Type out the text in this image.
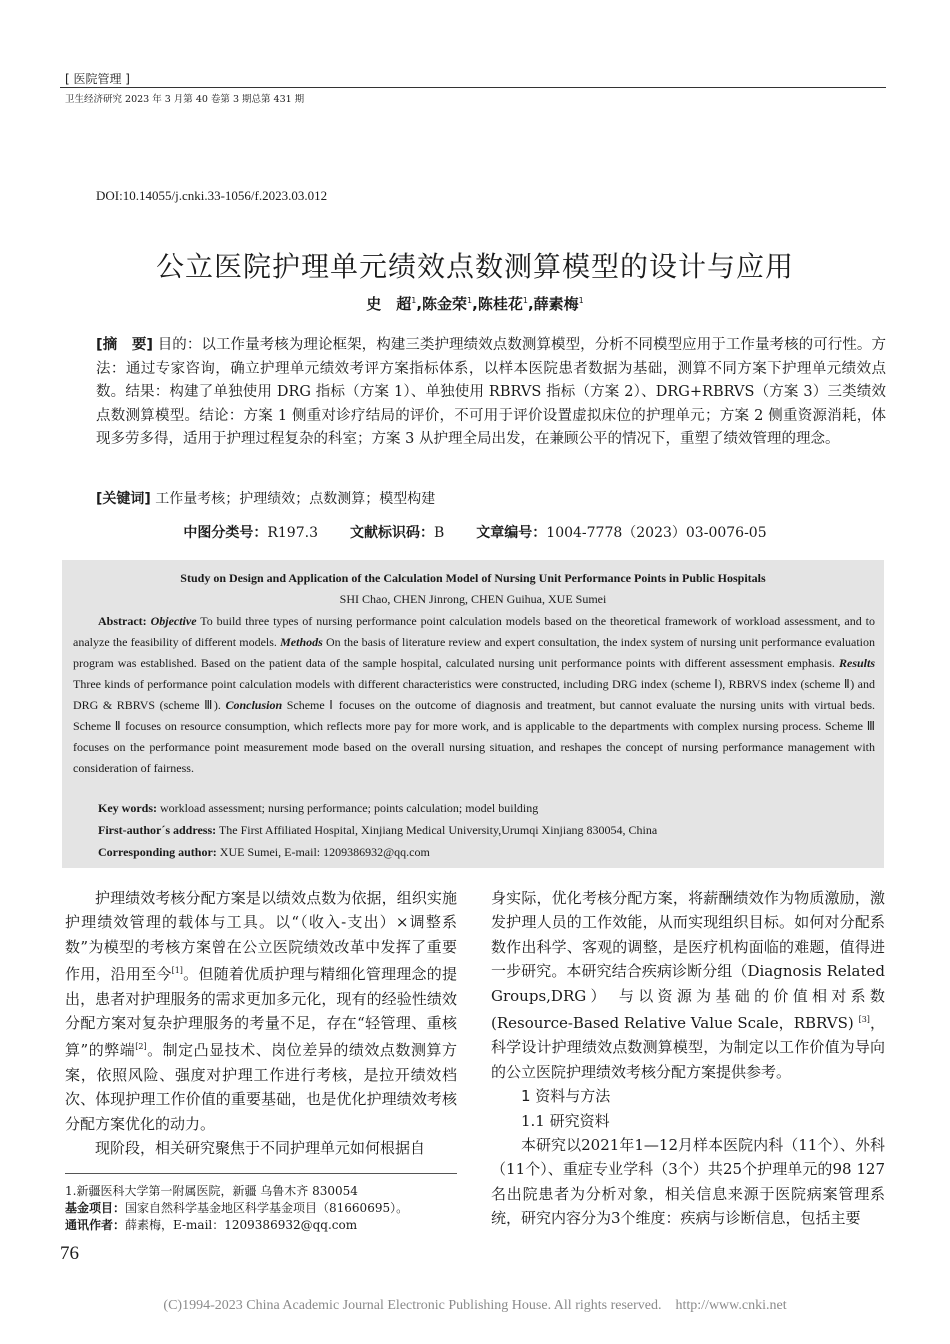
[ 医院管理 ]
卫生经济研究 2023 年 3 月第 40 卷第 3 期总第 431 期
DOI:10.14055/j.cnki.33-1056/f.2023.03.012
公立医院护理单元绩效点数测算模型的设计与应用
史　超$^1$,陈金荣$^1$,陈桂花$^1$,薛素梅$^1$
[摘　要] 目的：以工作量考核为理论框架，构建三类护理绩效点数测算模型，分析不同模型应用于工作量考核的可行性。方法：通过专家咨询，确立护理单元绩效考评方案指标体系，以样本医院患者数据为基础，测算不同方案下护理单元绩效点数。结果：构建了单独使用 DRG 指标（方案 1）、单独使用 RBRVS 指标（方案 2）、DRG+RBRVS（方案 3）三类绩效点数测算模型。结论：方案 1 侧重对诊疗结局的评价，不可用于评价设置虚拟床位的护理单元；方案 2 侧重资源消耗，体现多劳多得，适用于护理过程复杂的科室；方案 3 从护理全局出发，在兼顾公平的情况下，重塑了绩效管理的理念。
[关键词] 工作量考核；护理绩效；点数测算；模型构建
中图分类号：R197.3 文献标识码：B 文章编号：1004-7778（2023）03-0076-05
Study on Design and Application of the Calculation Model of Nursing Unit Performance Points in Public Hospitals
SHI Chao, CHEN Jinrong, CHEN Guihua, XUE Sumei
Abstract: Objective To build three types of nursing performance point calculation models based on the theoretical framework of workload assessment, and to analyze the feasibility of different models. Methods On the basis of literature review and expert consultation, the index system of nursing unit performance evaluation program was established. Based on the patient data of the sample hospital, calculated nursing unit performance points with different assessment emphasis. Results Three kinds of performance point calculation models with different characteristics were constructed, including DRG index (scheme Ⅰ), RBRVS index (scheme Ⅱ) and DRG & RBRVS (scheme Ⅲ). Conclusion Scheme Ⅰ focuses on the outcome of diagnosis and treatment, but cannot evaluate the nursing units with virtual beds. Scheme Ⅱ focuses on resource consumption, which reflects more pay for more work, and is applicable to the departments with complex nursing process. Scheme Ⅲ focuses on the performance point measurement mode based on the overall nursing situation, and reshapes the concept of nursing performance management with consideration of fairness.
Key words: workload assessment; nursing performance; points calculation; model building
First-author´s address: The First Affiliated Hospital, Xinjiang Medical University,Urumqi Xinjiang 830054, China
Corresponding author: XUE Sumei, E-mail: 1209386932@qq.com

护理绩效考核分配方案是以绩效点数为依据，组织实施护理绩效管理的载体与工具。以“（收入-支出）×调整系数”为模型的考核方案曾在公立医院绩效改革中发挥了重要作用，沿用至今[1]。但随着优质护理与精细化管理理念的提出，患者对护理服务的需求更加多元化，现有的经验性绩效分配方案对复杂护理服务的考量不足，存在“轻管理、重核算”的弊端[2]。制定凸显技术、岗位差异的绩效点数测算方案，依照风险、强度对护理工作进行考核，是拉开绩效档次、体现护理工作价值的重要基础，也是优化护理绩效考核分配方案优化的动力。

现阶段，相关研究聚焦于不同护理单元如何根据自

身实际，优化考核分配方案，将薪酬绩效作为物质激励，激发护理人员的工作效能，从而实现组织目标。如何对分配系数作出科学、客观的调整，是医疗机构面临的难题，值得进一步研究。本研究结合疾病诊断分组（Diagnosis Related Groups,DRG） 与以资源为基础的价值相对系数(Resource-Based Relative Value Scale，RBRVS) [3]，科学设计护理绩效点数测算模型，为制定以工作价值为导向的公立医院护理绩效考核分配方案提供参考。

1 资料与方法

1.1 研究资料

本研究以2021年1—12月样本医院内科（11个）、外科（11个）、重症专业学科（3个）共25个护理单元的98 127名出院患者为分析对象，相关信息来源于医院病案管理系统，研究内容分为3个维度：疾病与诊断信息，包括主要

1.新疆医科大学第一附属医院，新疆 乌鲁木齐 830054
基金项目：国家自然科学基金地区科学基金项目（81660695）。
通讯作者：薛素梅，E-mail：1209386932@qq.com
76
(C)1994-2023 China Academic Journal Electronic Publishing House. All rights reserved. http://www.cnki.net
